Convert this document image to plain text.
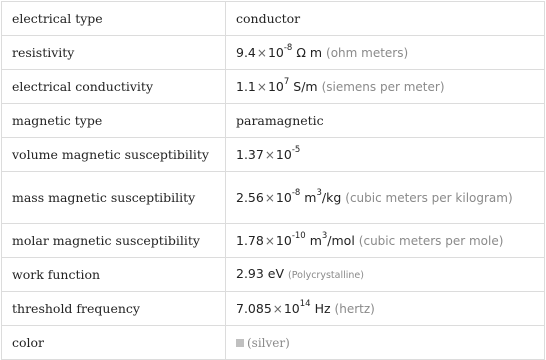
electrical type	conductor
resistivity	$9.4\times 10^{-8}$ Ω m (ohm meters)
electrical conductivity	$1.1\times 10^7$ S/m (siemens per meter)
magnetic type	paramagnetic
volume magnetic susceptibility	$1.37\times 10^{-5}$
mass magnetic susceptibility	$2.56\times 10^{-8}$ $m^3/kg$ (cubic meters per kilogram)
molar magnetic susceptibility	$1.78\times 10^{-10}$ $m^3$/mol (cubic meters per mole)
work function	2.93 eV (Polycrystalline)
threshold frequency	$7.085\times 10^{14}$ Hz (hertz)
color	(silver)
